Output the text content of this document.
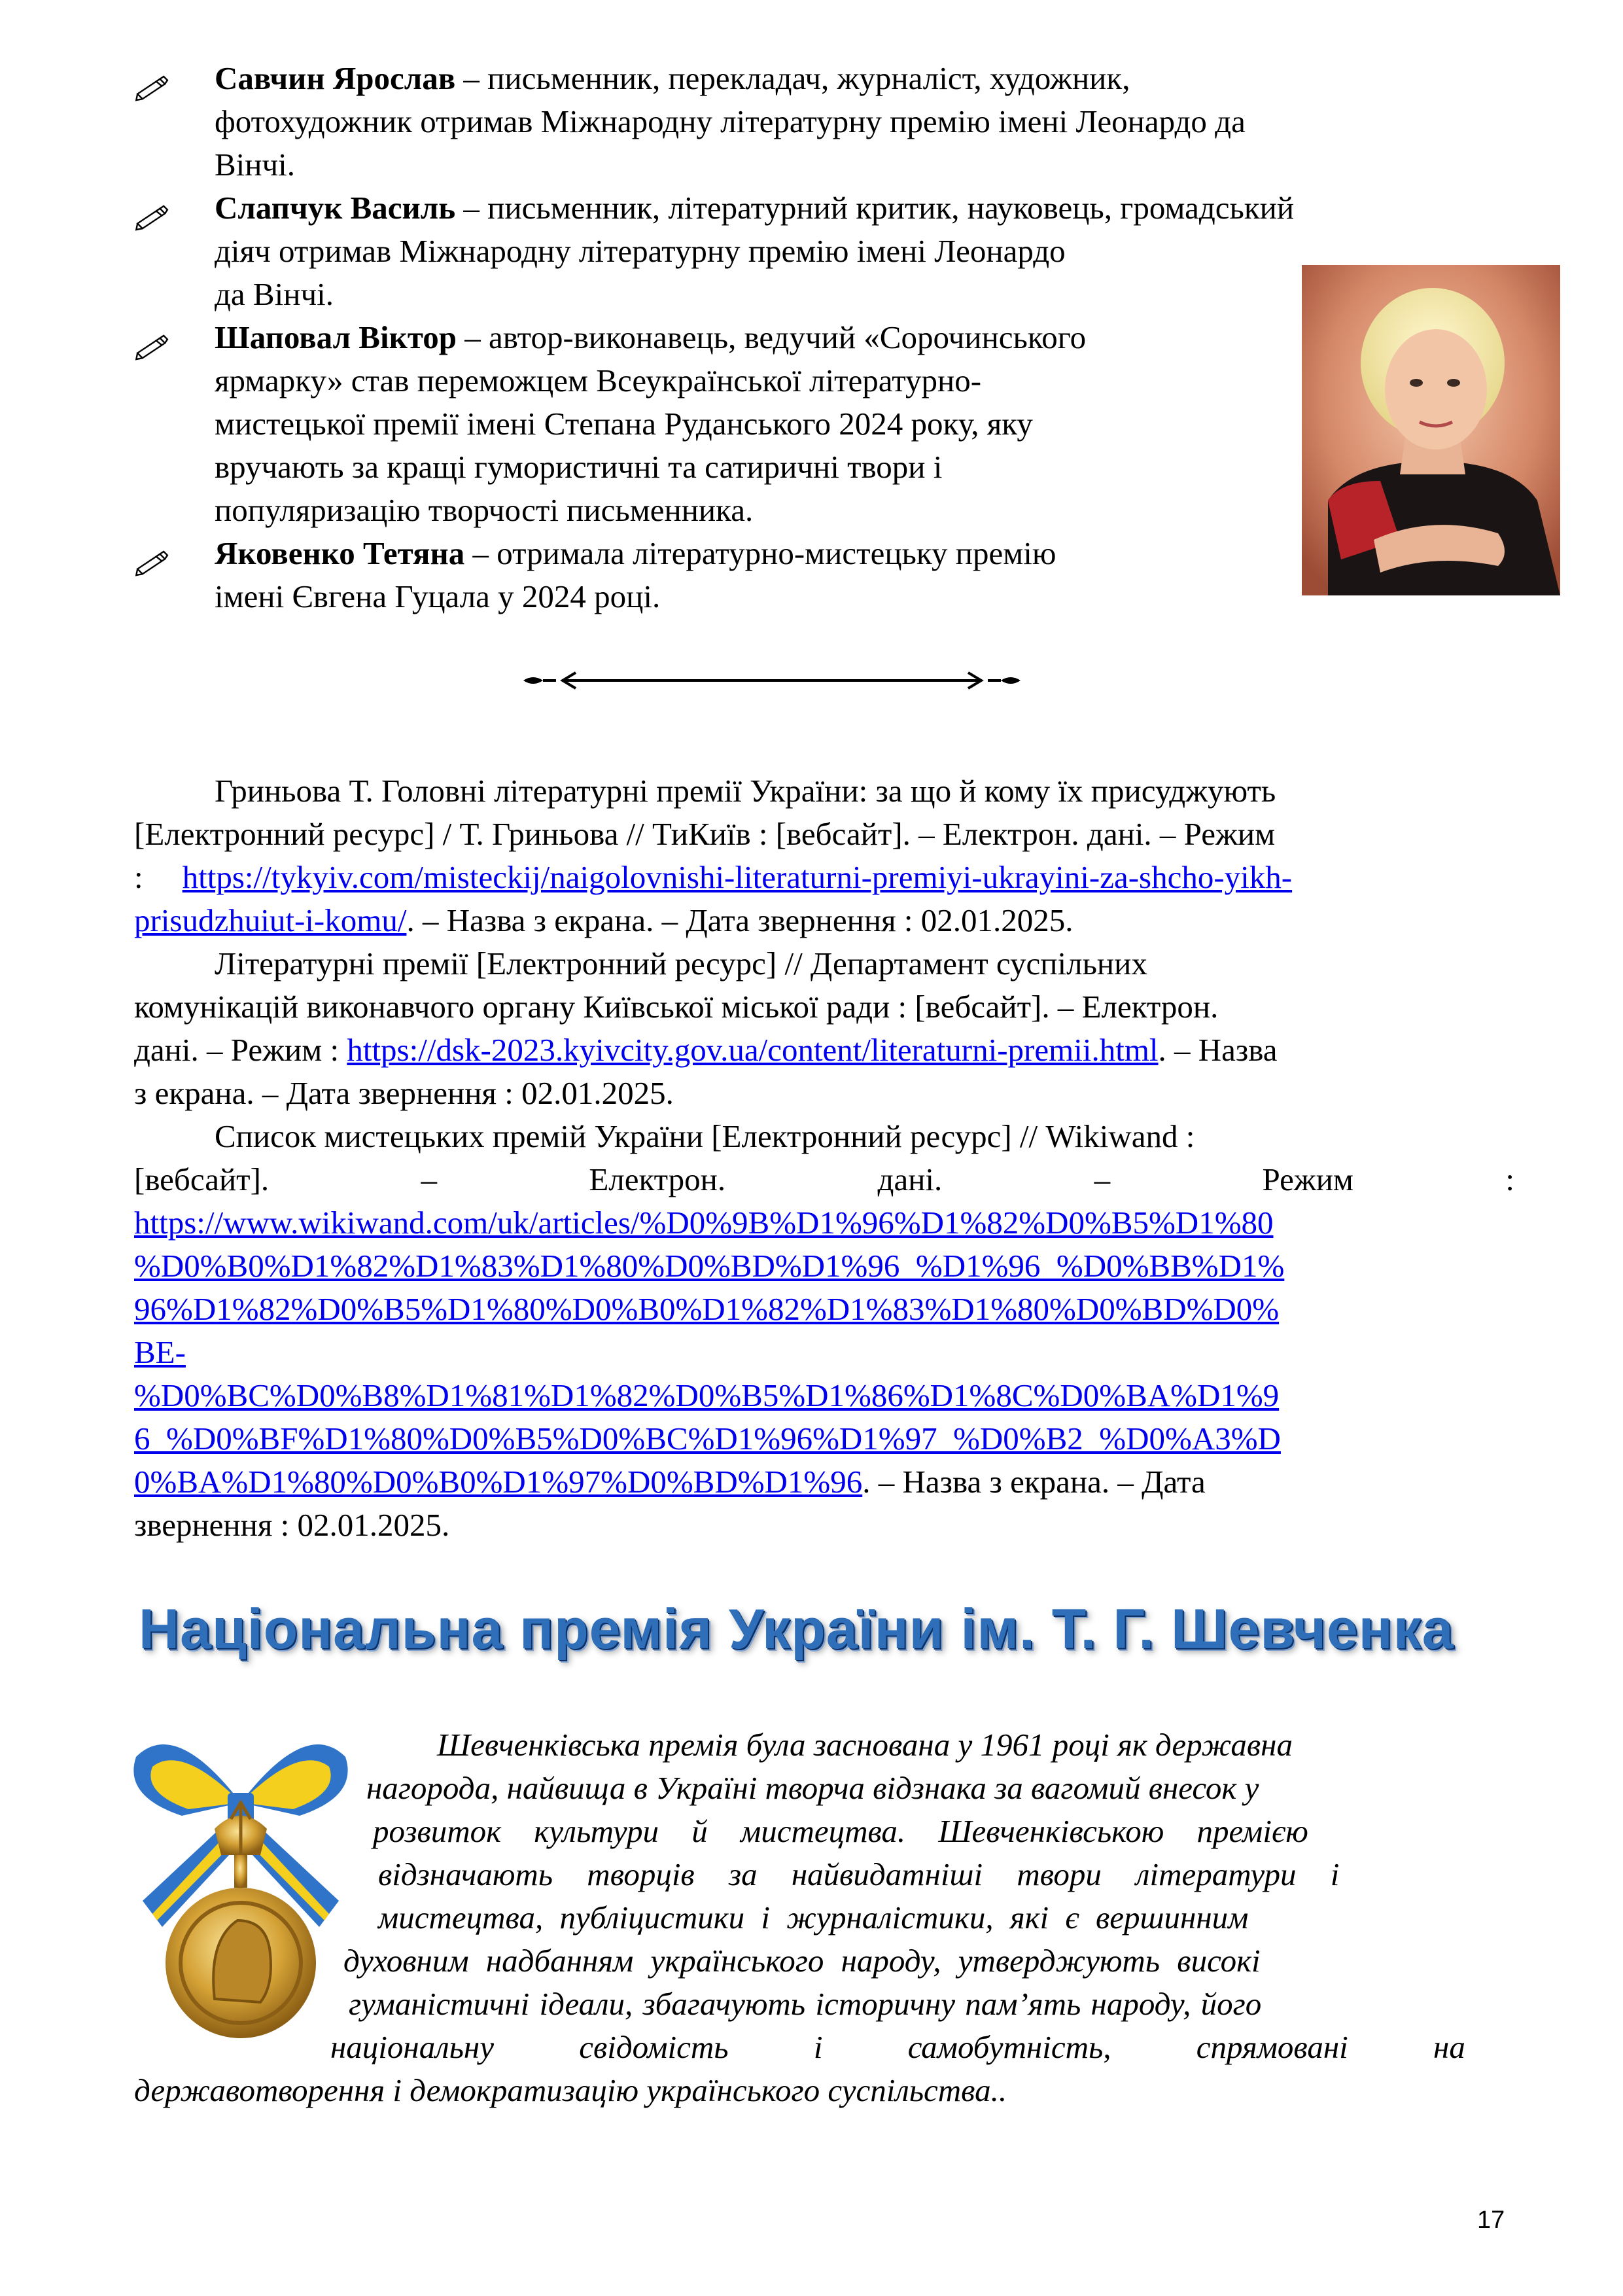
Савчин Ярослав – письменник, перекладач, журналіст, художник,
фотохудожник отримав Міжнародну літературну премію імені Леонардо да
Вінчі.
Слапчук Василь – письменник, літературний критик, науковець, громадський
діяч отримав Міжнародну літературну премію імені Леонардо
да Вінчі.
Шаповал Віктор – автор-виконавець, ведучий «Сорочинського
ярмарку» став переможцем Всеукраїнської літературно-
мистецької премії імені Степана Руданського 2024 року, яку
вручають за кращі гумористичні та сатиричні твори і
популяризацію творчості письменника.
Яковенко Тетяна – отримала літературно-мистецьку премію
імені Євгена Гуцала у 2024 році.
Гриньова Т. Головні літературні премії України: за що й кому їх присуджують
[Електронний ресурс] / Т. Гриньова // ТиКиїв : [вебсайт]. – Електрон. дані. – Режим
: https://tykyiv.com/misteckij/naigolovnishi-literaturni-premiyi-ukrayini-za-shcho-yikh-
prisudzhuiut-i-komu/. – Назва з екрана. – Дата звернення : 02.01.2025.
Літературні премії [Електронний ресурс] // Департамент суспільних
комунікацій виконавчого органу Київської міської ради : [вебсайт]. – Електрон.
дані. – Режим : https://dsk-2023.kyivcity.gov.ua/content/literaturni-premii.html. – Назва
з екрана. – Дата звернення : 02.01.2025.
Список мистецьких премій України [Електронний ресурс] // Wikiwand :
[вебсайт].	–	Електрон.	дані.	–	Режим	:
https://www.wikiwand.com/uk/articles/%D0%9B%D1%96%D1%82%D0%B5%D1%80
%D0%B0%D1%82%D1%83%D1%80%D0%BD%D1%96_%D1%96_%D0%BB%D1%
96%D1%82%D0%B5%D1%80%D0%B0%D1%82%D1%83%D1%80%D0%BD%D0%
BE-
%D0%BC%D0%B8%D1%81%D1%82%D0%B5%D1%86%D1%8C%D0%BA%D1%9
6_%D0%BF%D1%80%D0%B5%D0%BC%D1%96%D1%97_%D0%B2_%D0%A3%D
0%BA%D1%80%D0%B0%D1%97%D0%BD%D1%96. – Назва з екрана. – Дата
звернення : 02.01.2025.
Національна премія України ім. Т. Г. Шевченка
Шевченківська премія була заснована у 1961 році як державна
нагорода, найвища в Україні творча відзнака за вагомий внесок у
розвиток культури й мистецтва. Шевченківською премією
відзначають творців за найвидатніші твори літератури і
мистецтва, публіцистики і журналістики, які є вершинним
духовним надбанням українського народу, утверджують високі
гуманістичні ідеали, збагачують історичну пам’ять народу, його
національну свідомість і самобутність, спрямовані на
державотворення і демократизацію українського суспільства..
17
